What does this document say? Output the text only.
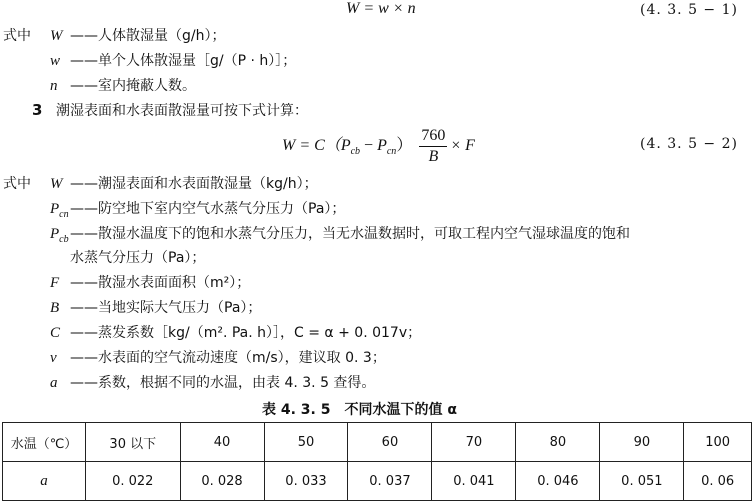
W = w × n	(4. 3. 5 − 1)
式中 W ——人体散湿量（g/h）；
w ——单个人体散湿量［g/（P · h）］；
n ——室内掩蔽人数。
3 潮湿表面和水表面散湿量可按下式计算：
$W = C(P_{cb} - P_{cn}) \frac{760}{B} \times F$	(4. 3. 5 − 2)
式中 W ——潮湿表面和水表面散湿量（kg/h）；
$P_{cn}——$防空地下室内空气水蒸气分压力（Pa）；
$P_{cb}——$散湿水温度下的饱和水蒸气分压力，当无水温数据时，可取工程内空气湿球温度的饱和
水蒸气分压力（Pa）；
F ——散湿水表面面积（m²）；
B ——当地实际大气压力（Pa）；
C ——蒸发系数［kg/（m². Pa. h）］，C = α + 0. 017v；
v ——水表面的空气流动速度（m/s），建议取 0. 3；
a ——系数，根据不同的水温，由表 4. 3. 5 查得。
表 4. 3. 5　不同水温下的值 α
水温（℃）	30 以下	40	50	60	70	80	90	100
a	0. 022	0. 028	0. 033	0. 037	0. 041	0. 046	0. 051	0. 06
